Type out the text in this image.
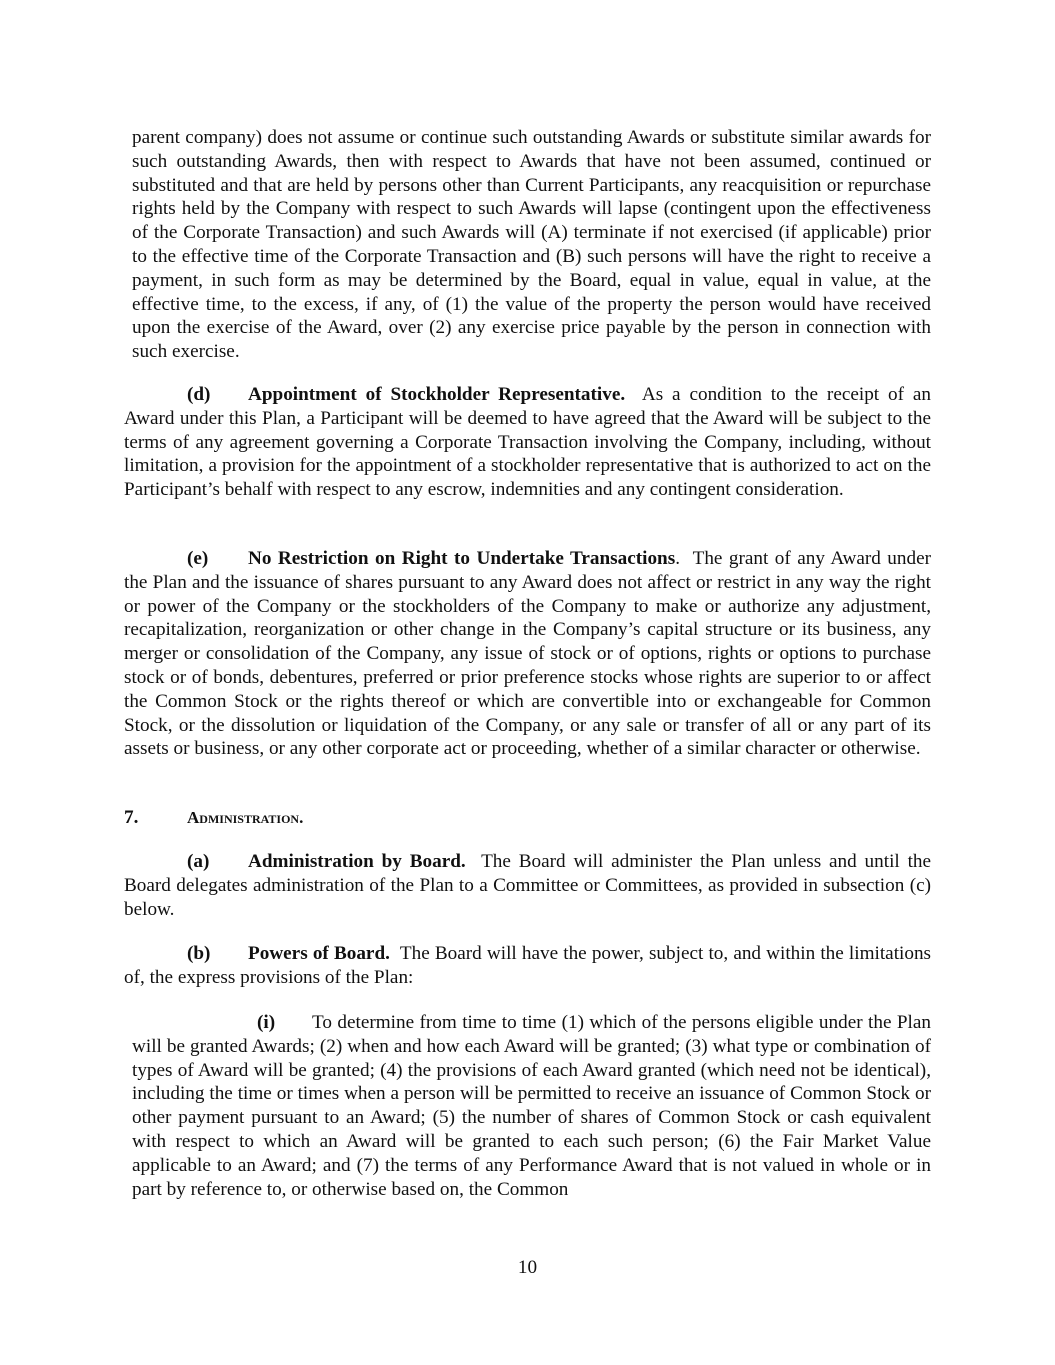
parent company) does not assume or continue such outstanding Awards or substitute similar awards for such outstanding Awards, then with respect to Awards that have not been assumed, continued or substituted and that are held by persons other than Current Participants, any reacquisition or repurchase rights held by the Company with respect to such Awards will lapse (contingent upon the effectiveness of the Corporate Transaction) and such Awards will (A) terminate if not exercised (if applicable) prior to the effective time of the Corporate Transaction and (B) such persons will have the right to receive a payment, in such form as may be determined by the Board, equal in value, equal in value, at the effective time, to the excess, if any, of (1) the value of the property the person would have received upon the exercise of the Award, over (2) any exercise price payable by the person in connection with such exercise.

(d) Appointment of Stockholder Representative. As a condition to the receipt of an Award under this Plan, a Participant will be deemed to have agreed that the Award will be subject to the terms of any agreement governing a Corporate Transaction involving the Company, including, without limitation, a provision for the appointment of a stockholder representative that is authorized to act on the Participant’s behalf with respect to any escrow, indemnities and any contingent consideration.

(e) No Restriction on Right to Undertake Transactions. The grant of any Award under the Plan and the issuance of shares pursuant to any Award does not affect or restrict in any way the right or power of the Company or the stockholders of the Company to make or authorize any adjustment, recapitalization, reorganization or other change in the Company’s capital structure or its business, any merger or consolidation of the Company, any issue of stock or of options, rights or options to purchase stock or of bonds, debentures, preferred or prior preference stocks whose rights are superior to or affect the Common Stock or the rights thereof or which are convertible into or exchangeable for Common Stock, or the dissolution or liquidation of the Company, or any sale or transfer of all or any part of its assets or business, or any other corporate act or proceeding, whether of a similar character or otherwise.

7.	Administration.

(a) Administration by Board. The Board will administer the Plan unless and until the Board delegates administration of the Plan to a Committee or Committees, as provided in subsection (c) below.

(b) Powers of Board. The Board will have the power, subject to, and within the limitations of, the express provisions of the Plan:

(i) To determine from time to time (1) which of the persons eligible under the Plan will be granted Awards; (2) when and how each Award will be granted; (3) what type or combination of types of Award will be granted; (4) the provisions of each Award granted (which need not be identical), including the time or times when a person will be permitted to receive an issuance of Common Stock or other payment pursuant to an Award; (5) the number of shares of Common Stock or cash equivalent with respect to which an Award will be granted to each such person; (6) the Fair Market Value applicable to an Award; and (7) the terms of any Performance Award that is not valued in whole or in part by reference to, or otherwise based on, the Common

10
